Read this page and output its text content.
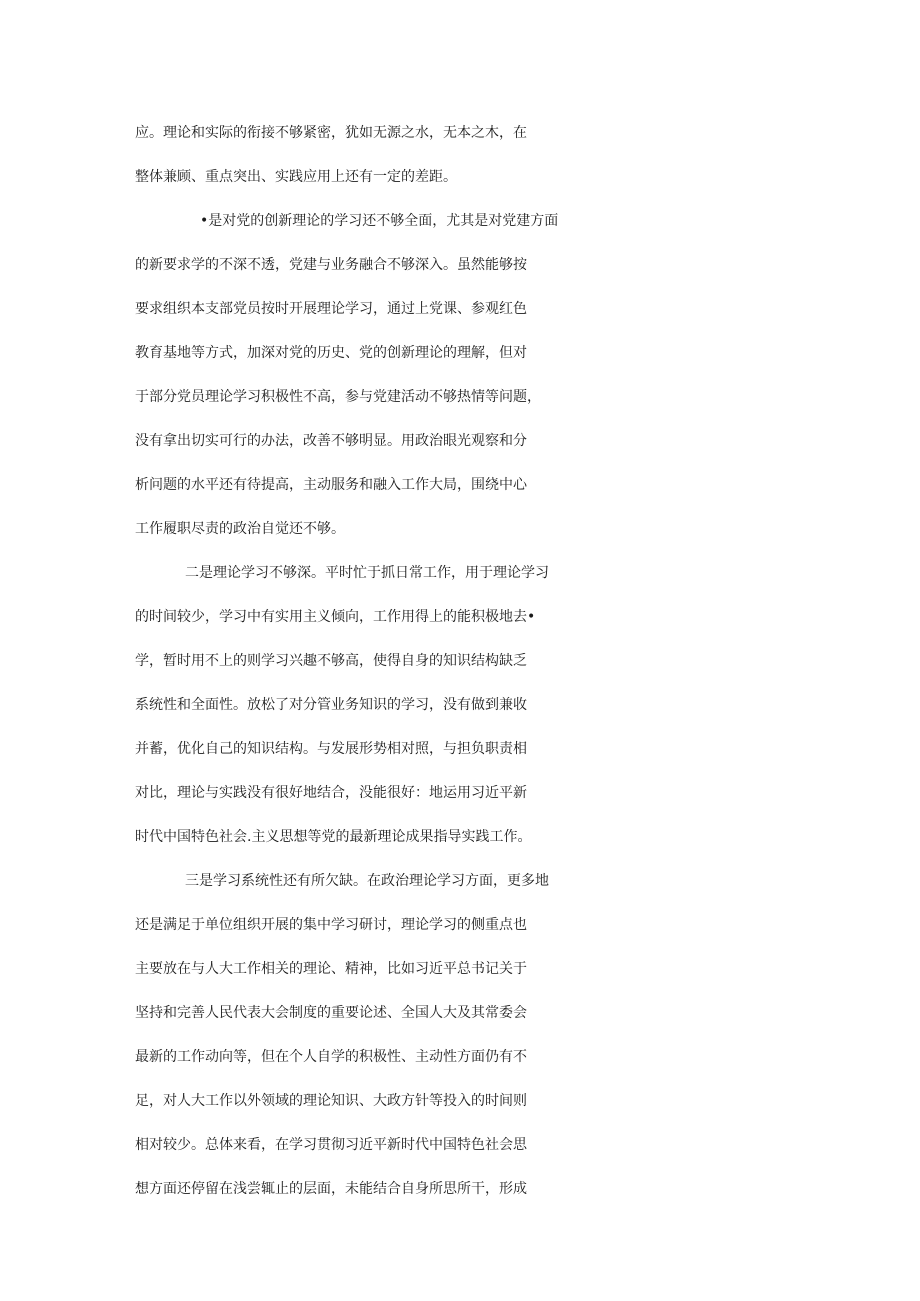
应。理论和实际的衔接不够紧密，犹如无源之水，无本之木，在

整体兼顾、重点突出、实践应用上还有一定的差距。

•是对党的创新理论的学习还不够全面，尤其是对党建方面

的新要求学的不深不透，党建与业务融合不够深入。虽然能够按

要求组织本支部党员按时开展理论学习，通过上党课、参观红色

教育基地等方式，加深对党的历史、党的创新理论的理解，但对

于部分党员理论学习积极性不高，参与党建活动不够热情等问题，

没有拿出切实可行的办法，改善不够明显。用政治眼光观察和分

析问题的水平还有待提高，主动服务和融入工作大局，围绕中心

工作履职尽责的政治自觉还不够。

二是理论学习不够深。平时忙于抓日常工作，用于理论学习

的时间较少，学习中有实用主义倾向，工作用得上的能积极地去•

学，暂时用不上的则学习兴趣不够高，使得自身的知识结构缺乏

系统性和全面性。放松了对分管业务知识的学习，没有做到兼收

并蓄，优化自己的知识结构。与发展形势相对照，与担负职责相

对比，理论与实践没有很好地结合，没能很好：地运用习近平新

时代中国特色社会.主义思想等党的最新理论成果指导实践工作。

三是学习系统性还有所欠缺。在政治理论学习方面，更多地

还是满足于单位组织开展的集中学习研讨，理论学习的侧重点也

主要放在与人大工作相关的理论、精神，比如习近平总书记关于

坚持和完善人民代表大会制度的重要论述、全国人大及其常委会

最新的工作动向等，但在个人自学的积极性、主动性方面仍有不

足，对人大工作以外领域的理论知识、大政方针等投入的时间则

相对较少。总体来看，在学习贯彻习近平新时代中国特色社会思

想方面还停留在浅尝辄止的层面，未能结合自身所思所干，形成
